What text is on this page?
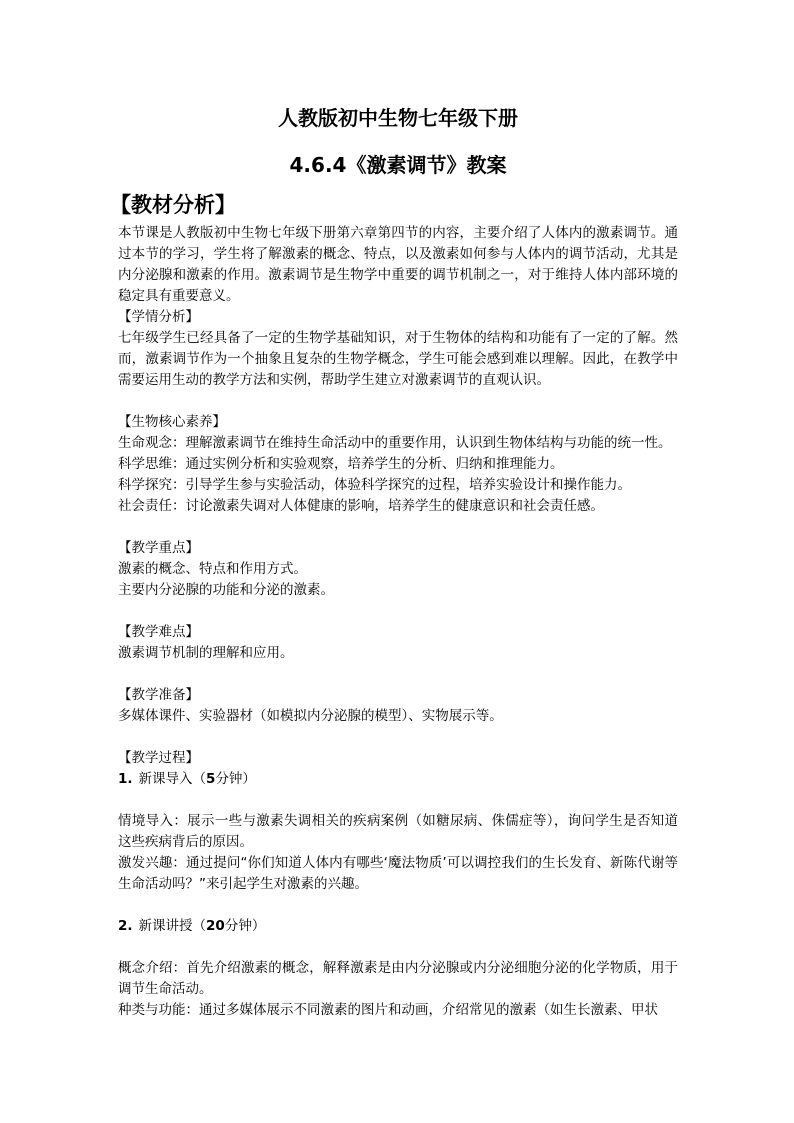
人教版初中生物七年级下册
4.6.4《激素调节》教案
【教材分析】

本节课是人教版初中生物七年级下册第六章第四节的内容，主要介绍了人体内的激素调节。通过本节的学习，学生将了解激素的概念、特点，以及激素如何参与人体内的调节活动，尤其是内分泌腺和激素的作用。激素调节是生物学中重要的调节机制之一，对于维持人体内部环境的稳定具有重要意义。

【学情分析】

七年级学生已经具备了一定的生物学基础知识，对于生物体的结构和功能有了一定的了解。然而，激素调节作为一个抽象且复杂的生物学概念，学生可能会感到难以理解。因此，在教学中需要运用生动的教学方法和实例，帮助学生建立对激素调节的直观认识。

【生物核心素养】

生命观念：理解激素调节在维持生命活动中的重要作用，认识到生物体结构与功能的统一性。

科学思维：通过实例分析和实验观察，培养学生的分析、归纳和推理能力。

科学探究：引导学生参与实验活动，体验科学探究的过程，培养实验设计和操作能力。

社会责任：讨论激素失调对人体健康的影响，培养学生的健康意识和社会责任感。

【教学重点】

激素的概念、特点和作用方式。

主要内分泌腺的功能和分泌的激素。

【教学难点】

激素调节机制的理解和应用。

【教学准备】

多媒体课件、实验器材（如模拟内分泌腺的模型）、实物展示等。

【教学过程】

1. 新课导入（5分钟）

情境导入：展示一些与激素失调相关的疾病案例（如糖尿病、侏儒症等），询问学生是否知道这些疾病背后的原因。

激发兴趣：通过提问“你们知道人体内有哪些‘魔法物质’可以调控我们的生长发育、新陈代谢等生命活动吗？”来引起学生对激素的兴趣。

2. 新课讲授（20分钟）

概念介绍：首先介绍激素的概念，解释激素是由内分泌腺或内分泌细胞分泌的化学物质，用于调节生命活动。

种类与功能：通过多媒体展示不同激素的图片和动画，介绍常见的激素（如生长激素、甲状
